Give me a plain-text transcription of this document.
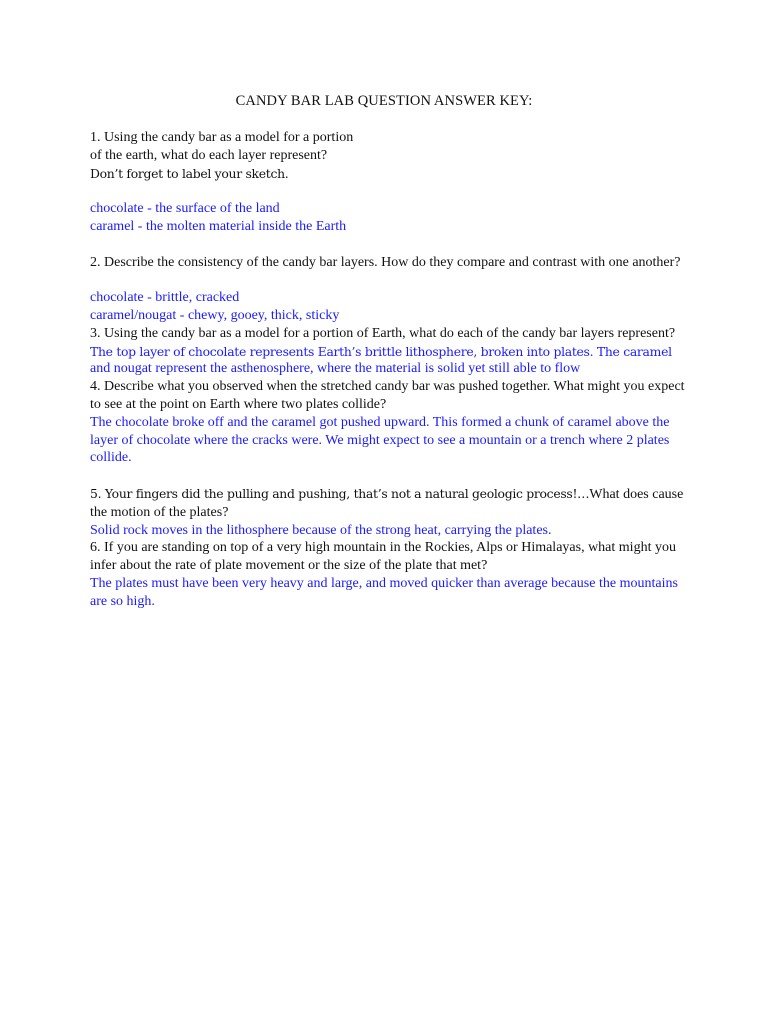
CANDY BAR LAB QUESTION ANSWER KEY:

1. Using the candy bar as a model for a portion

of the earth, what do each layer represent?

Don’t forget to label your sketch.

chocolate - the surface of the land

caramel - the molten material inside the Earth

2. Describe the consistency of the candy bar layers. How do they compare and contrast with one another?

chocolate - brittle, cracked

caramel/nougat - chewy, gooey, thick, sticky

3. Using the candy bar as a model for a portion of Earth, what do each of the candy bar layers represent?

The top layer of chocolate represents Earth’s brittle lithosphere, broken into plates. The caramel

and nougat represent the asthenosphere, where the material is solid yet still able to flow

4. Describe what you observed when the stretched candy bar was pushed together. What might you expect to see at the point on Earth where two plates collide?

The chocolate broke off and the caramel got pushed upward. This formed a chunk of caramel above the layer of chocolate where the cracks were. We might expect to see a mountain or a trench where 2 plates collide.

5. Your fingers did the pulling and pushing, that’s not a natural geologic process!…What does cause the motion of the plates?

Solid rock moves in the lithosphere because of the strong heat, carrying the plates.

6. If you are standing on top of a very high mountain in the Rockies, Alps or Himalayas, what might you infer about the rate of plate movement or the size of the plate that met?

The plates must have been very heavy and large, and moved quicker than average because the mountains are so high.
